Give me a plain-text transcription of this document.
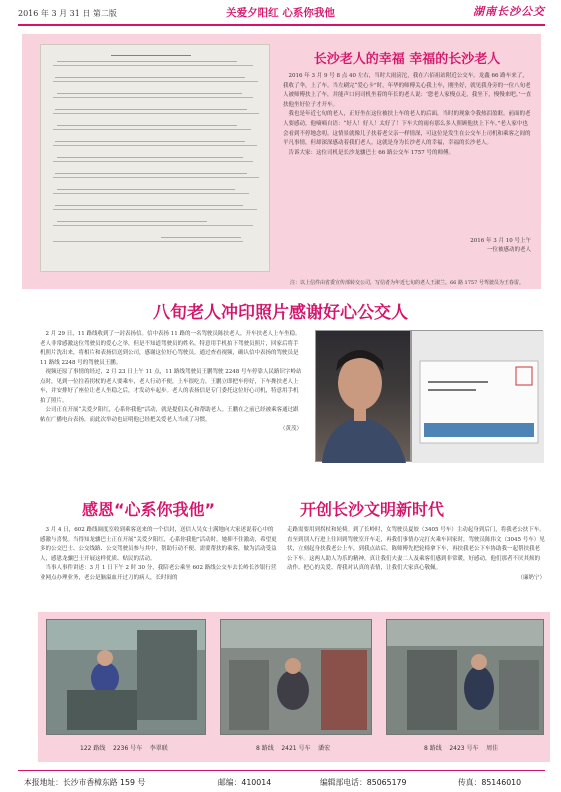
2016 年 3 月 31 日 第二版	关爱夕阳红 心系你我他	湖南长沙公交
长沙老人的幸福 幸福的长沙老人

2016 年 3 月 9 号 8 点 40 左右，当时大雨滂沱，我在六佰祖站附近公交车。龙鑫 66 路车来了，我收了伞，上了车。当左刷完“爱心卡”时，年华的师傅关心我上车，刚坐好，就见我身旁的一位八旬老人被师傅扶上了车，并能声口问司机坐着的年长的老人说：‘您老人家慢点走，我坐下，慢慢来吧。’一直扶他坐好位子才开车。

我也是年近七旬的老人，正好坐在这位被扶上车的老人的后面，当时的现象令我热泪盈眶。前面的老人要感动，他嘀嘀自语：“好人！好人！太好了！下车大的雨有那么多人照顾他扶上下车。”老人家中也会看到不停地念叨。这情景就像儿子扶着老父亲一样情深，可这位是发生在公交车上司机和乘客之间的平凡事情，但却深深感动着我们老人。这就是身为长沙老人的幸福，幸福的长沙老人。

告诉大家：这位司机是长沙龙骧巴士 66 路公交车 1757 号的师傅。

2016 年 3 月 10 号上午
一位被感动的老人
注：以上信件由省委宣传部转交公司，写信者为年近七旬的老人王淑兰。66 路 1757 号驾驶员为王春雷。
八旬老人冲印照片感谢好心公交人

2 月 29 日，11 路线收到了一封表扬信。信中表扬 11 路的一名驾驶员陈扶老人，开车扶老人上车坐稳。老人非常感激这位驾驶员的爱心之举，但是不知道驾驶员的姓名。特意用手机拍下驾驶员照片，回家后将手机照片洗出来，将相片和表扬信送到公司，感谢这位好心驾驶员。通过查看视频，确认信中表扬的驾驶员是 11 路线 2248 号的驾驶员王鹏。

视频还原了事情的经过，2 月 23 日上午 11 点，11 路线驾驶员王鹏驾驶 2248 号车停靠人民路识字岭站点时，见到一位拄着拐杖的老人要乘车，老人行动不便，上车很吃力，王鹏立即把车停好，下车搀扶老人上车，并安排好了座位让老人坐稳之后，才发动车起步。老人的表扬信是专门委托这位好心司机，特意用手机拍了照片。

公司正在开展“关爱夕阳红，心系你我他”活动，就是提倡关心和帮助老人。王鹏在之前已经被乘客通过跟帖在广播电台表扬，而此次举动也证明他已经把关爱老人当成了习惯。

（黄茂）
感恩“心系你我他”	开创长沙文明新时代

3 月 4 日，602 路线调度室收到乘客送来的一个信封，送信人吴女士满地向大家述说着心中的感激与喜悦。当得知龙骧巴士正在开展“关爱夕阳红，心系你我他”活动时，她抑不住激动，希望更多的公交巴士、公交线路、公交驾驶员参与其中，帮助行动不便、需要帮扶的乘客，做为活动受益人，感恩龙骧巴士开展这样优质、贴民的活动。

当事人事件讲述：3 月 1 日下午 2 时 30 分，我陪老公乘坐 602 路线公交车去长岭长沙银行营业网点办理业务，老公是脑溢血开过刀的病人，长时间的

走路需要用到拐杖和轮椅。到了长岭时，女驾驶员夏姣（3405 号车）主动起身到后门，将我老公扶下车。直至到别人行进上往回到驾驶室开车走，再我们事情办完打火乘车回家时，驾驶员陈伟文（3045 号车）见状，立刻起身扶我老公上车，到我点站后，陈师傅先把轮椅拿下车，再扶我老公下车协助我一起帮扶我老公下车。这两人助人为乐的精神，真让我们夫妻二人及乘客们感到非常暖，好感动，他们那者不厌其烦的动作、把心的关爱、帮我对认真的表情，让我们大家真心敬佩。

（廉奶宁）
122 路线    2236 号车    李翠联	8 路线    2421 号车    潘宏	8 路线    2423 号车    周佳
本报地址：长沙市香樟东路 159 号	邮编：410014	编辑部电话：85065179	传真：85146010
